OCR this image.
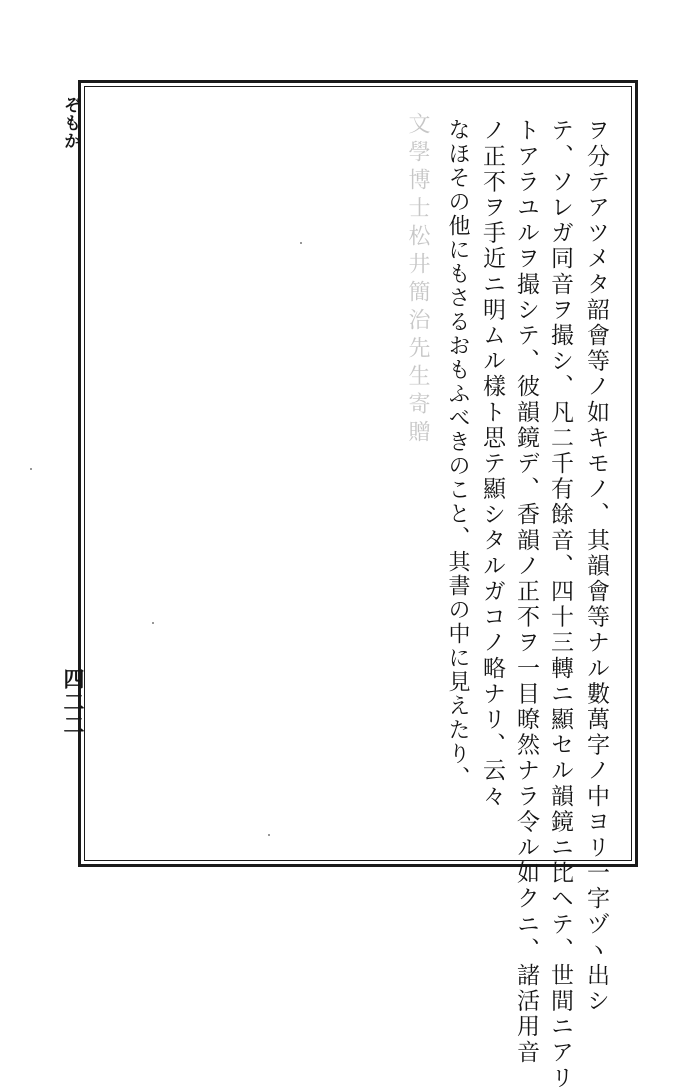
ぞもか
四二二	ヲ分テアツメタ韶會等ノ如キモノ、其韻會等ナル數萬字ノ中ヨリ一字ヅヽ出シ
テ、ソレガ同音ヲ撮シ、凡二千有餘音、四十三轉ニ顯セル韻鏡ニ比ヘテ、世間ニアリ
トアラユルヲ撮シテ、彼韻鏡デ、香韻ノ正不ヲ一目暸然ナラ令ル如クニ、諸活用音
ノ正不ヲ手近ニ明ムル樣ト思テ顯シタルガコノ略ナリ、云々
なほその他にもさるおもふべきのこと、其書の中に見えたり、
文學博士松井簡治先生寄贈
